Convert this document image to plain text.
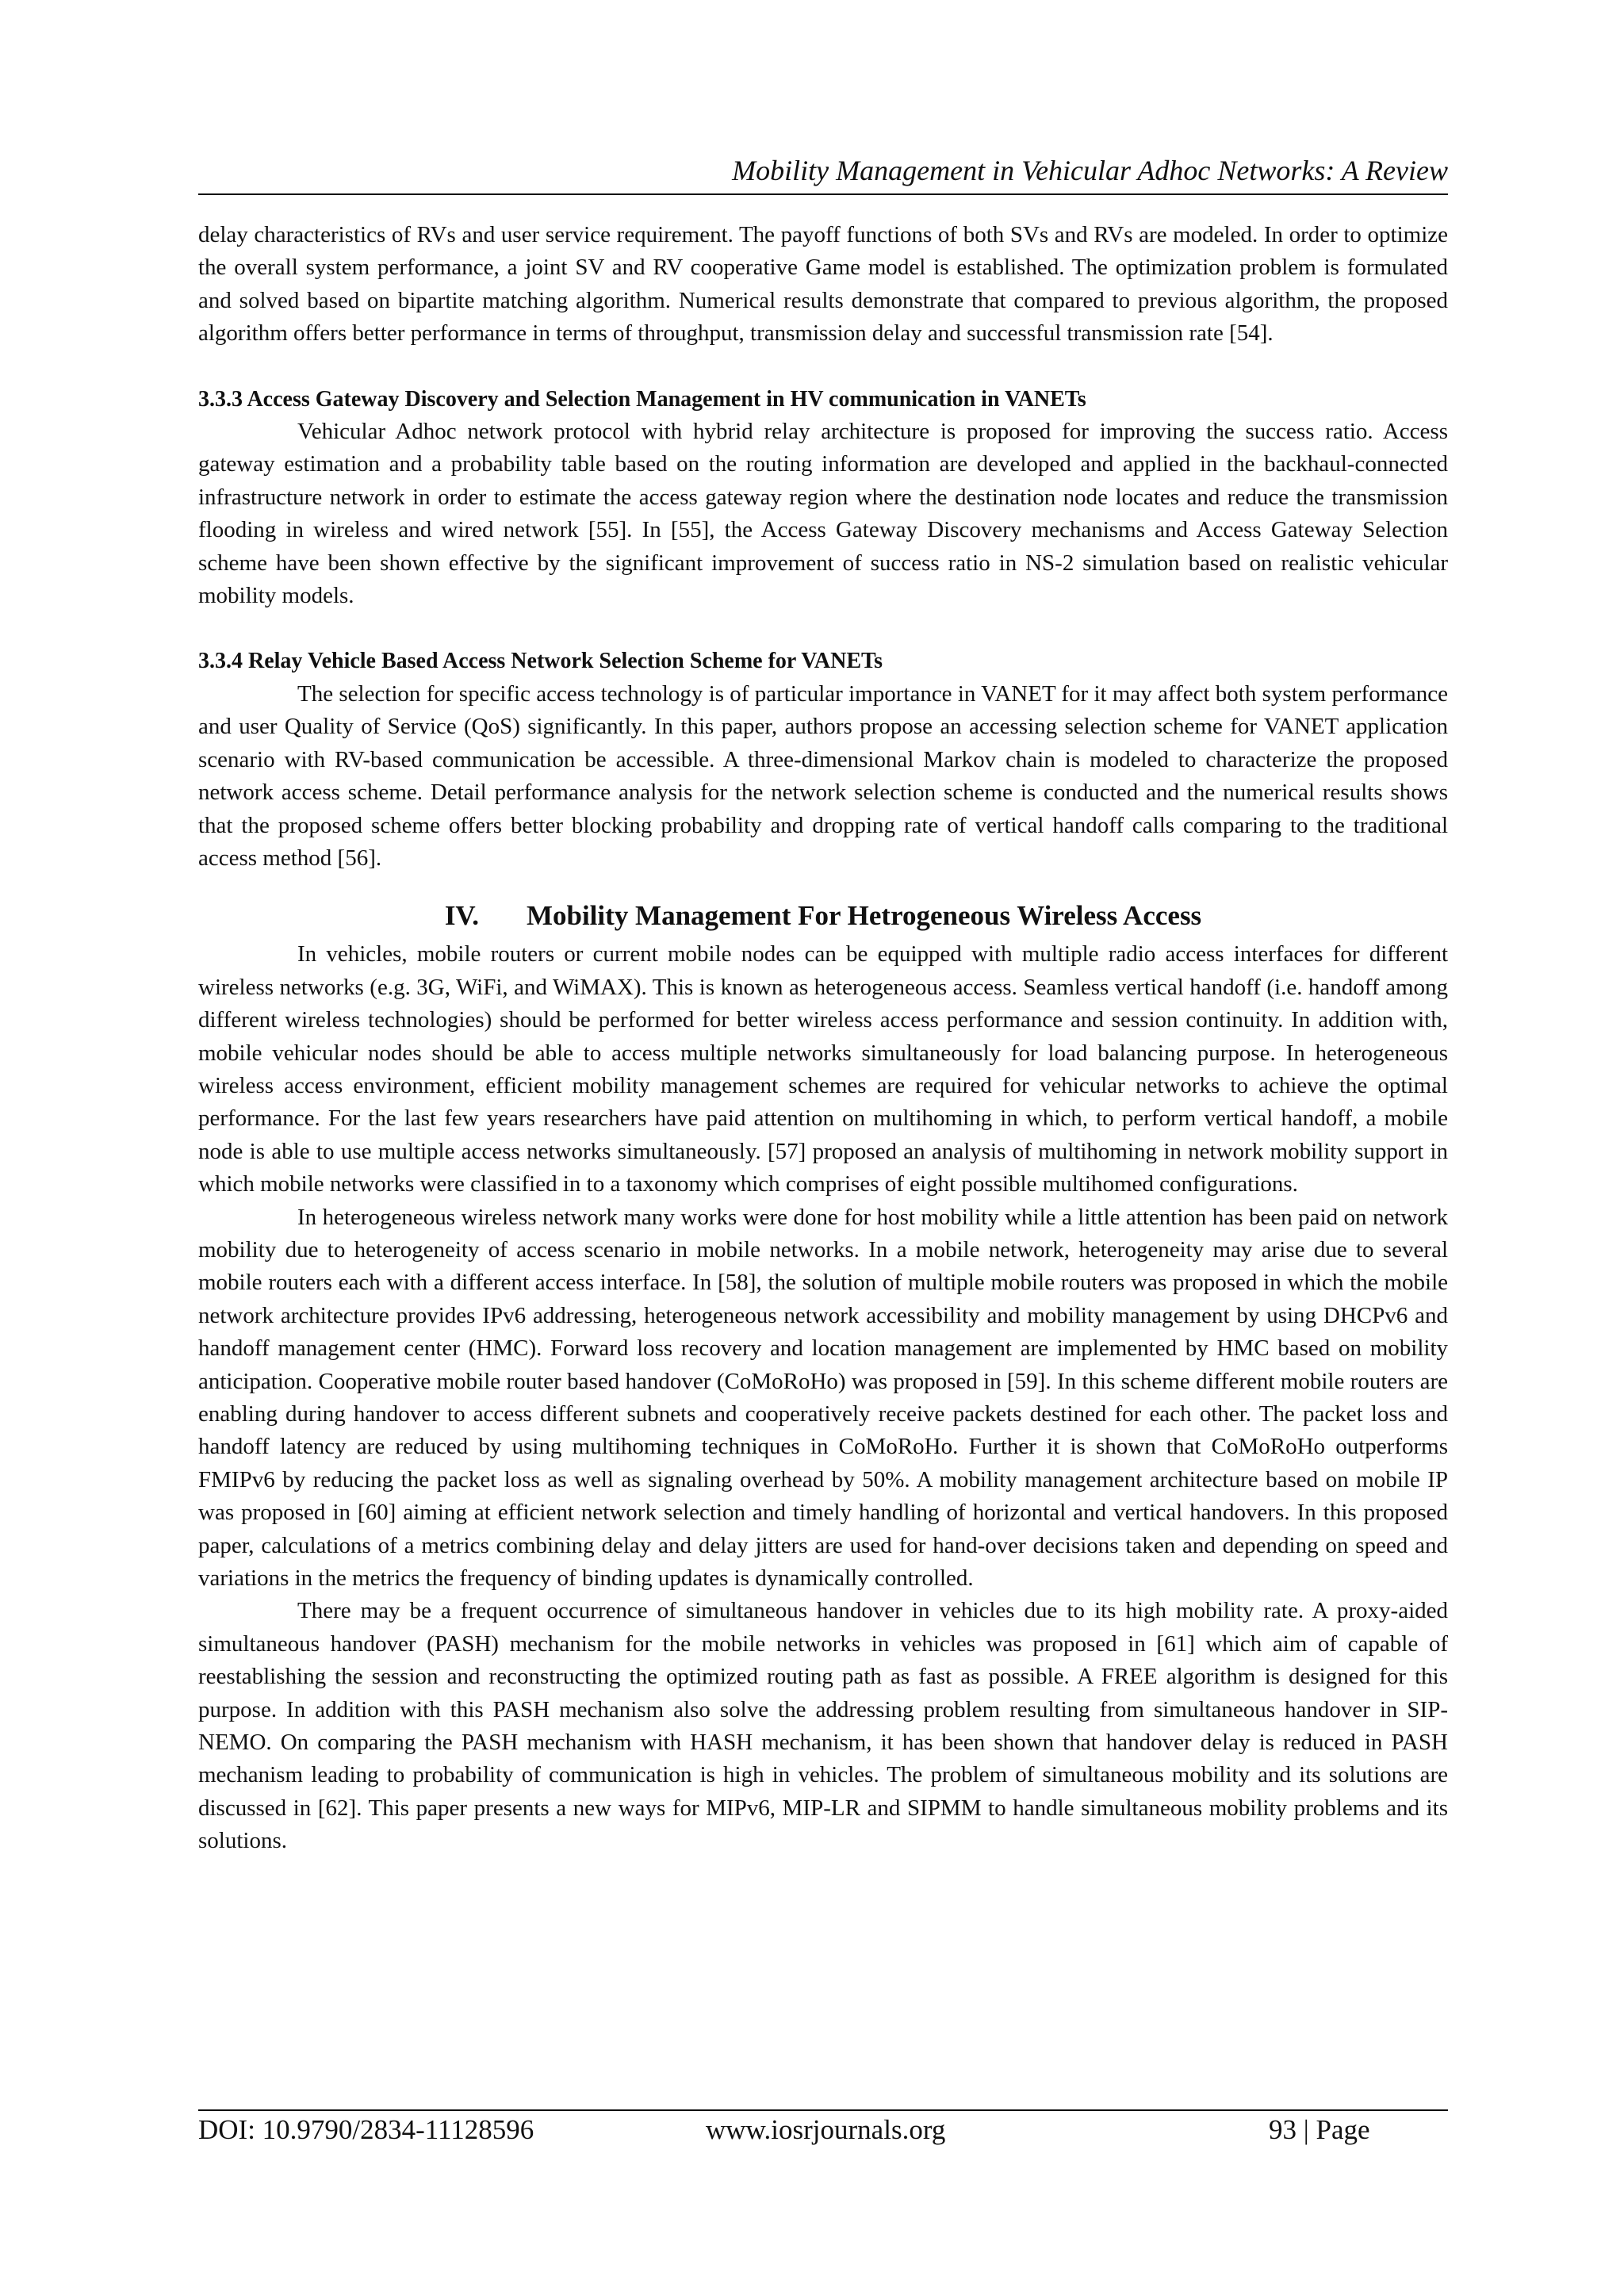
Mobility Management in Vehicular Adhoc Networks: A Review

delay characteristics of RVs and user service requirement. The payoff functions of both SVs and RVs are modeled. In order to optimize the overall system performance, a joint SV and RV cooperative Game model is established. The optimization problem is formulated and solved based on bipartite matching algorithm. Numerical results demonstrate that compared to previous algorithm, the proposed algorithm offers better performance in terms of throughput, transmission delay and successful transmission rate [54].

3.3.3 Access Gateway Discovery and Selection Management in HV communication in VANETs

Vehicular Adhoc network protocol with hybrid relay architecture is proposed for improving the success ratio. Access gateway estimation and a probability table based on the routing information are developed and applied in the backhaul-connected infrastructure network in order to estimate the access gateway region where the destination node locates and reduce the transmission flooding in wireless and wired network [55]. In [55], the Access Gateway Discovery mechanisms and Access Gateway Selection scheme have been shown effective by the significant improvement of success ratio in NS-2 simulation based on realistic vehicular mobility models.

3.3.4 Relay Vehicle Based Access Network Selection Scheme for VANETs

The selection for specific access technology is of particular importance in VANET for it may affect both system performance and user Quality of Service (QoS) significantly. In this paper, authors propose an accessing selection scheme for VANET application scenario with RV-based communication be accessible. A three-dimensional Markov chain is modeled to characterize the proposed network access scheme. Detail performance analysis for the network selection scheme is conducted and the numerical results shows that the proposed scheme offers better blocking probability and dropping rate of vertical handoff calls comparing to the traditional access method [56].

IV. Mobility Management For Hetrogeneous Wireless Access

In vehicles, mobile routers or current mobile nodes can be equipped with multiple radio access interfaces for different wireless networks (e.g. 3G, WiFi, and WiMAX). This is known as heterogeneous access. Seamless vertical handoff (i.e. handoff among different wireless technologies) should be performed for better wireless access performance and session continuity. In addition with, mobile vehicular nodes should be able to access multiple networks simultaneously for load balancing purpose. In heterogeneous wireless access environment, efficient mobility management schemes are required for vehicular networks to achieve the optimal performance. For the last few years researchers have paid attention on multihoming in which, to perform vertical handoff, a mobile node is able to use multiple access networks simultaneously. [57] proposed an analysis of multihoming in network mobility support in which mobile networks were classified in to a taxonomy which comprises of eight possible multihomed configurations.

In heterogeneous wireless network many works were done for host mobility while a little attention has been paid on network mobility due to heterogeneity of access scenario in mobile networks. In a mobile network, heterogeneity may arise due to several mobile routers each with a different access interface. In [58], the solution of multiple mobile routers was proposed in which the mobile network architecture provides IPv6 addressing, heterogeneous network accessibility and mobility management by using DHCPv6 and handoff management center (HMC). Forward loss recovery and location management are implemented by HMC based on mobility anticipation. Cooperative mobile router based handover (CoMoRoHo) was proposed in [59]. In this scheme different mobile routers are enabling during handover to access different subnets and cooperatively receive packets destined for each other. The packet loss and handoff latency are reduced by using multihoming techniques in CoMoRoHo. Further it is shown that CoMoRoHo outperforms FMIPv6 by reducing the packet loss as well as signaling overhead by 50%. A mobility management architecture based on mobile IP was proposed in [60] aiming at efficient network selection and timely handling of horizontal and vertical handovers. In this proposed paper, calculations of a metrics combining delay and delay jitters are used for hand-over decisions taken and depending on speed and variations in the metrics the frequency of binding updates is dynamically controlled.

There may be a frequent occurrence of simultaneous handover in vehicles due to its high mobility rate. A proxy-aided simultaneous handover (PASH) mechanism for the mobile networks in vehicles was proposed in [61] which aim of capable of reestablishing the session and reconstructing the optimized routing path as fast as possible. A FREE algorithm is designed for this purpose. In addition with this PASH mechanism also solve the addressing problem resulting from simultaneous handover in SIP-NEMO. On comparing the PASH mechanism with HASH mechanism, it has been shown that handover delay is reduced in PASH mechanism leading to probability of communication is high in vehicles. The problem of simultaneous mobility and its solutions are discussed in [62]. This paper presents a new ways for MIPv6, MIP-LR and SIPMM to handle simultaneous mobility problems and its solutions.

DOI: 10.9790/2834-11128596	www.iosrjournals.org	93 | Page
